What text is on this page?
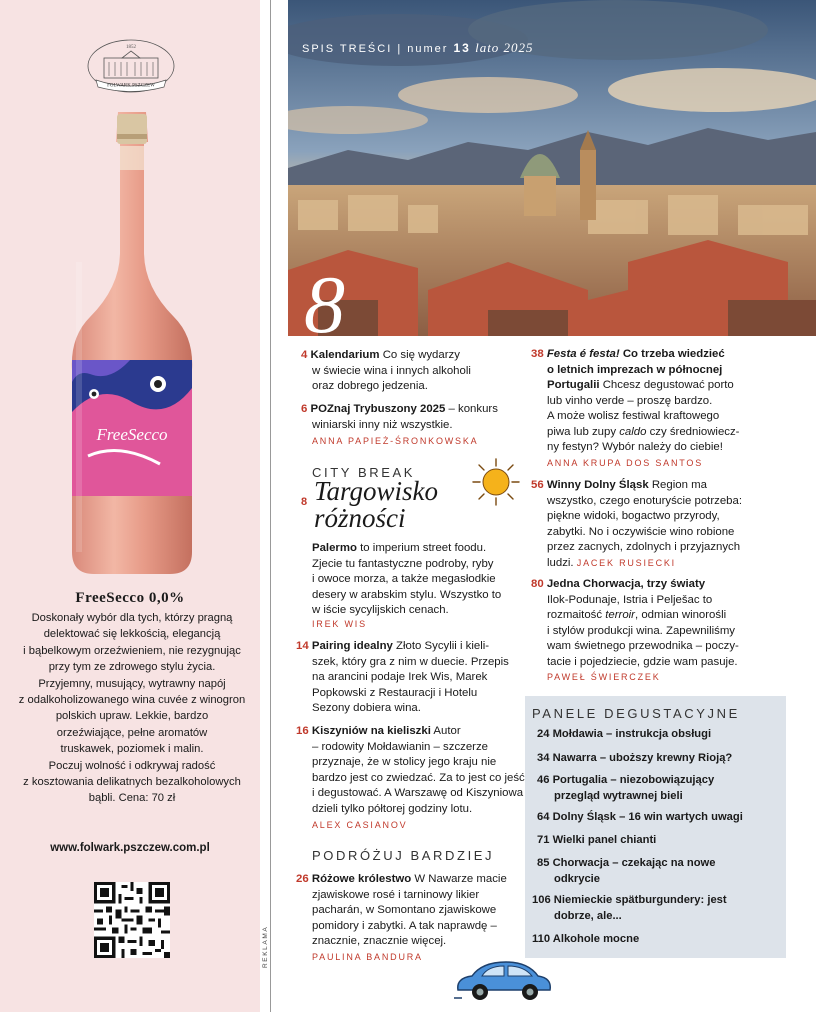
1852
FOLWARK PSZCZEW
FreeSecco
FreeSecco 0,0%
Doskonały wybór dla tych, którzy pragną
delektować się lekkością, elegancją
i bąbelkowym orzeźwieniem, nie rezygnując
przy tym ze zdrowego stylu życia.
Przyjemny, musujący, wytrawny napój
z odalkoholizowanego wina cuvée z winogron
polskich upraw. Lekkie, bardzo
orzeźwiające, pełne aromatów
truskawek, poziomek i malin.
Poczuj wolność i odkrywaj radość
z kosztowania delikatnych bezalkoholowych
bąbli. Cena: 70 zł
www.folwark.pszczew.com.pl
REKLAMA
SPIS TREŚCI | numer 13 lato 2025
8
4 Kalendarium Co się wydarzy
w świecie wina i innych alkoholi
oraz dobrego jedzenia.
6 POZnaj Trybuszony 2025 – konkurs
winiarski inny niż wszystkie.
ANNA PAPIEŻ-ŚRONKOWSKA
CITY BREAK
8 Targowisko
różności
Palermo to imperium street foodu.
Zjecie tu fantastyczne podroby, ryby
i owoce morza, a także megasłodkie
desery w arabskim stylu. Wszystko to
w iście sycylijskich cenach.
IREK WIS
14 Pairing idealny Złoto Sycylii i kieli-
szek, który gra z nim w duecie. Przepis
na arancini podaje Irek Wis, Marek
Popkowski z Restauracji i Hotelu
Sezony dobiera wina.
16 Kiszyniów na kieliszki Autor
– rodowity Mołdawianin – szczerze
przyznaje, że w stolicy jego kraju nie
bardzo jest co zwiedzać. Za to jest co jeść
i degustować. A Warszawę od Kiszyniowa
dzieli tylko półtorej godziny lotu.
ALEX CASIANOV
PODRÓŻUJ BARDZIEJ
26 Różowe królestwo W Nawarze macie
zjawiskowe rosé i tarninowy likier
pacharán, w Somontano zjawiskowe
pomidory i zabytki. A tak naprawdę –
znacznie, znacznie więcej.
PAULINA BANDURA
38 Festa é festa! Co trzeba wiedzieć
o letnich imprezach w północnej
Portugalii Chcesz degustować porto
lub vinho verde – proszę bardzo.
A może wolisz festiwal kraftowego
piwa lub zupy caldo czy średniowiecz-
ny festyn? Wybór należy do ciebie!
ANNA KRUPA DOS SANTOS
56 Winny Dolny Śląsk Region ma
wszystko, czego enoturyście potrzeba:
piękne widoki, bogactwo przyrody,
zabytki. No i oczywiście wino robione
przez zacnych, zdolnych i przyjaznych
ludzi. JACEK RUSIECKI
80 Jedna Chorwacja, trzy światy
Ilok-Podunaje, Istria i Pelješac to
rozmaitość terroir, odmian winorośli
i stylów produkcji wina. Zapewniliśmy
wam świetnego przewodnika – poczy-
tacie i pojedziecie, gdzie wam pasuje.
PAWEŁ ŚWIERCZEK
PANELE DEGUSTACYJNE
24 Mołdawia – instrukcja obsługi
34 Nawarra – uboższy krewny Rioją?
46 Portugalia – niezobowiązujący
przegląd wytrawnej bieli
64 Dolny Śląsk – 16 win wartych uwagi
71 Wielki panel chianti
85 Chorwacja – czekając na nowe
odkrycie
106 Niemieckie spätburgundery: jest
dobrze, ale...
110 Alkohole mocne
